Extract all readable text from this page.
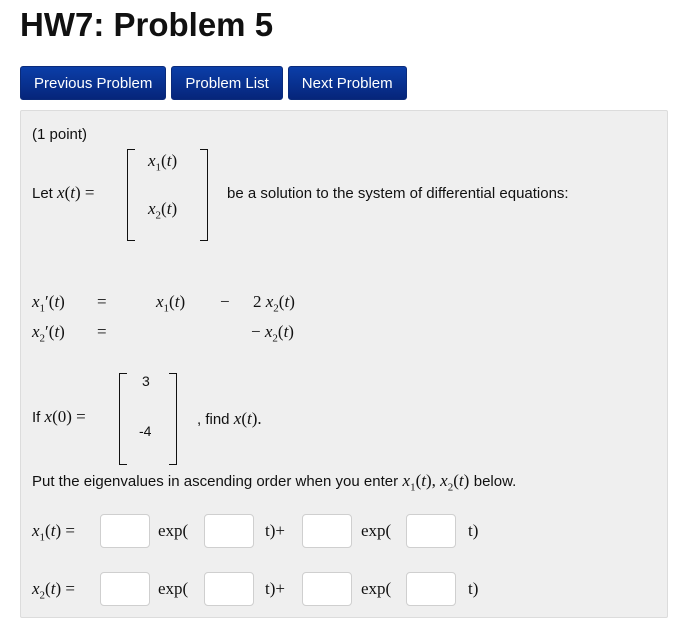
HW7: Problem 5
Previous Problem	Problem List	Next Problem
(1 point)
Let x(t) =
$x_1(t)$
$x_2(t)$
be a solution to the system of differential equations:
$x_1'(t)$ =	$x_1(t) - 2$ $x_2(t)$
$x_2'(t)$ =	− $x_2(t)$
If x(0) =
3
-4
, find x(t).
Put the eigenvalues in ascending order when you enter $x_1(t)$, $x_2(t)$ below.
$x_1(t)$ =	exp(	t)+	exp(	t)
$x_2(t)$ =	exp(	t)+	exp(	t)
